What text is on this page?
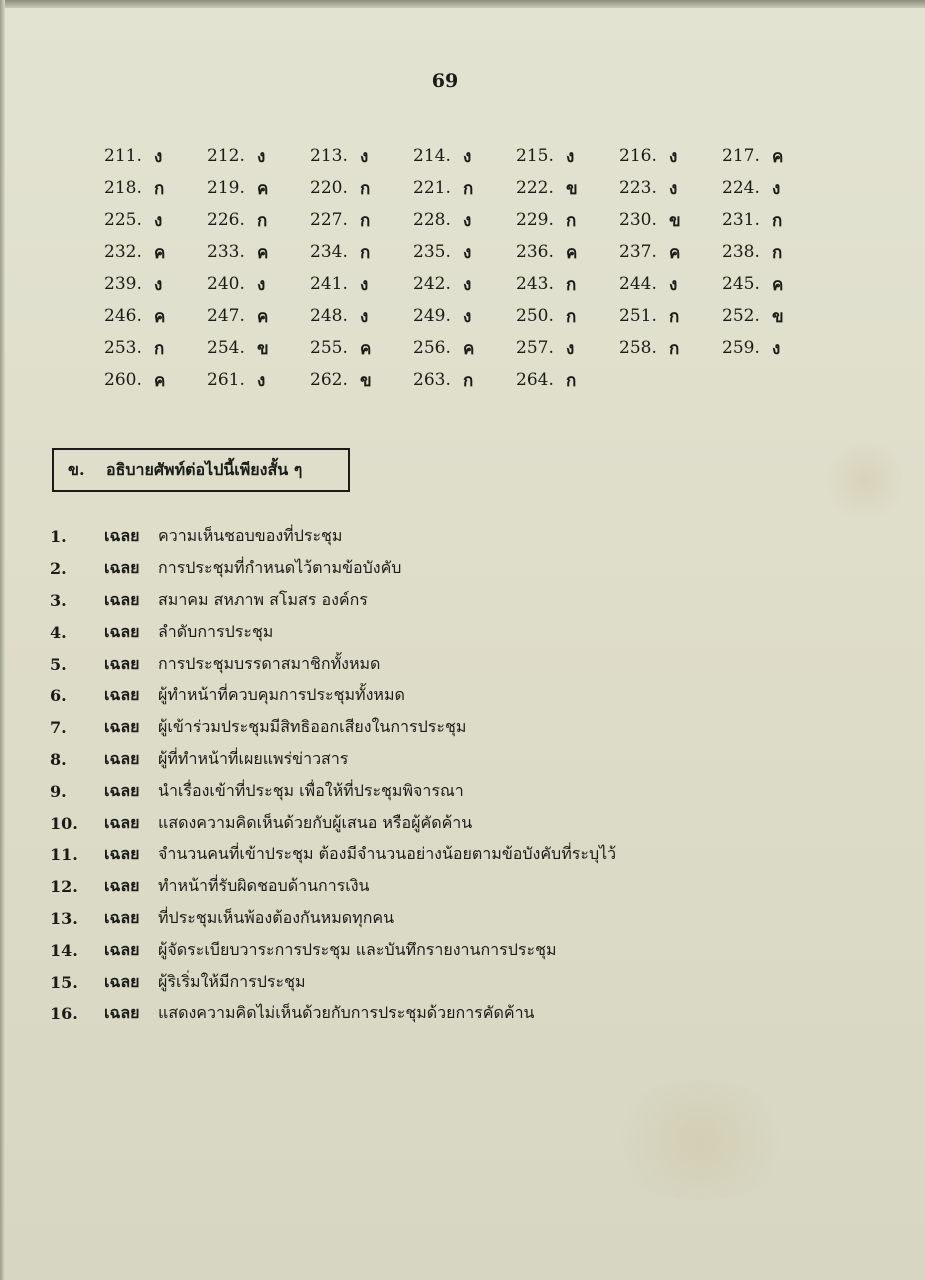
69
211. ง	212. ง	213. ง	214. ง	215. ง	216. ง	217. ค
218. ก	219. ค 220. ก	221. ก	222. ข 223. ง	224. ง
225. ง	226. ก	227. ก	228. ง	229. ก	230. ข 231. ก
232. ค 233. ค 234. ก	235. ง	236. ค 237. ค 238. ก
239. ง	240. ง	241. ง	242. ง	243. ก	244. ง	245. ค
246. ค 247. ค 248. ง	249. ง	250. ก	251. ก	252. ข
253. ก	254. ข 255. ค 256. ค 257. ง	258. ก	259. ง
260. ค 261. ง	262. ข 263. ก	264. ก
ข.	อธิบายศัพท์ต่อไปนี้เพียงสั้น ๆ
1.	เฉลย	ความเห็นชอบของที่ประชุม
2.	เฉลย	การประชุมที่กำหนดไว้ตามข้อบังคับ
3.	เฉลย	สมาคม สหภาพ สโมสร องค์กร
4.	เฉลย	ลำดับการประชุม
5.	เฉลย	การประชุมบรรดาสมาชิกทั้งหมด
6.	เฉลย	ผู้ทำหน้าที่ควบคุมการประชุมทั้งหมด
7.	เฉลย	ผู้เข้าร่วมประชุมมีสิทธิออกเสียงในการประชุม
8.	เฉลย	ผู้ที่ทำหน้าที่เผยแพร่ข่าวสาร
9.	เฉลย	นำเรื่องเข้าที่ประชุม เพื่อให้ที่ประชุมพิจารณา
10.	เฉลย	แสดงความคิดเห็นด้วยกับผู้เสนอ หรือผู้คัดค้าน
11.	เฉลย	จำนวนคนที่เข้าประชุม ต้องมีจำนวนอย่างน้อยตามข้อบังคับที่ระบุไว้
12.	เฉลย	ทำหน้าที่รับผิดชอบด้านการเงิน
13.	เฉลย	ที่ประชุมเห็นพ้องต้องกันหมดทุกคน
14.	เฉลย	ผู้จัดระเบียบวาระการประชุม และบันทึกรายงานการประชุม
15.	เฉลย	ผู้ริเริ่มให้มีการประชุม
16.	เฉลย	แสดงความคิดไม่เห็นด้วยกับการประชุมด้วยการคัดค้าน
